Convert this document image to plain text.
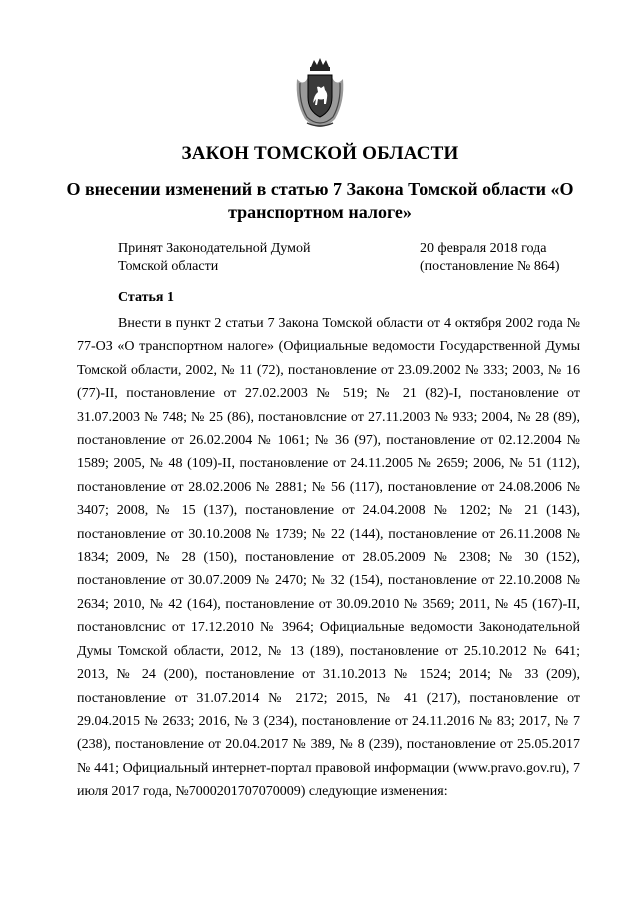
ЗАКОН ТОМСКОЙ ОБЛАСТИ
О внесении изменений в статью 7 Закона Томской области «О транспортном налоге»
Принят Законодательной Думой
Томской области
20 февраля 2018 года
(постановление № 864)
Статья 1

Внести в пункт 2 статьи 7 Закона Томской области от 4 октября 2002 года № 77-ОЗ «О транспортном налоге» (Официальные ведомости Государственной Думы Томской области, 2002, № 11 (72), постановление от 23.09.2002 № 333; 2003, № 16 (77)-II, постановление от 27.02.2003 № 519; № 21 (82)-I, постановление от 31.07.2003 № 748; № 25 (86), постановлсние от 27.11.2003 № 933; 2004, № 28 (89), постановление от 26.02.2004 № 1061; № 36 (97), постановление от 02.12.2004 № 1589; 2005, № 48 (109)-II, постановление от 24.11.2005 № 2659; 2006, № 51 (112), постановление от 28.02.2006 № 2881; № 56 (117), постановление от 24.08.2006 № 3407; 2008, № 15 (137), постановление от 24.04.2008 № 1202; № 21 (143), постановление от 30.10.2008 № 1739; № 22 (144), постановление от 26.11.2008 № 1834; 2009, № 28 (150), постановление от 28.05.2009 № 2308; № 30 (152), постановление от 30.07.2009 № 2470; № 32 (154), постановление от 22.10.2008 № 2634; 2010, № 42 (164), постановление от 30.09.2010 № 3569; 2011, № 45 (167)-II, постановлснис от 17.12.2010 № 3964; Официальные ведомости Законодательной Думы Томской области, 2012, № 13 (189), постановление от 25.10.2012 № 641; 2013, № 24 (200), постановление от 31.10.2013 № 1524; 2014; № 33 (209), постановление от 31.07.2014 № 2172; 2015, № 41 (217), постановление от 29.04.2015 № 2633; 2016, № 3 (234), постановление от 24.11.2016 № 83; 2017, № 7 (238), постановление от 20.04.2017 № 389, № 8 (239), постановление от 25.05.2017 № 441; Официальный интернет-портал правовой информации (www.pravo.gov.ru), 7 июля 2017 года, №7000201707070009) следующие изменения:
